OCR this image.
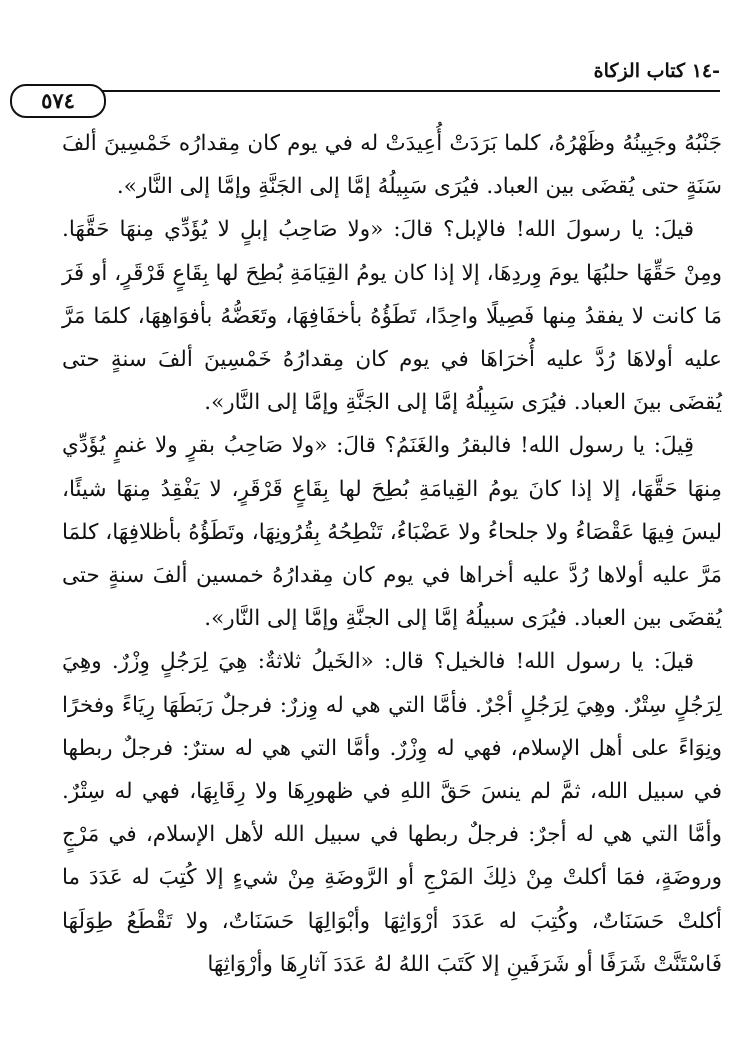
-١٤ كتاب الزكاة
٥٧٤

جَنْبُهُ وجَبِينُهُ وظَهْرُهُ، كلما بَرَدَتْ أُعِيدَتْ له في يوم كان مِقدارُه خَمْسِينَ ألفَ سَنَةٍ حتى يُقضَى بين العباد. فيُرَى سَبِيلُهُ إمَّا إلى الجَنَّةِ وإمَّا إلى النَّار».

قيلَ: يا رسولَ الله! فالإبل؟ قالَ: «ولا صَاحِبُ إبلٍ لا يُؤَدِّي مِنهَا حَقَّهَا. ومِنْ حَقِّهَا حلبُهَا يومَ وِردِهَا، إلا إذا كان يومُ القِيَامَةِ بُطِحَ لها بِقَاعٍ قَرْقَرٍ، أو فَرَ مَا كانت لا يفقدُ مِنها فَصِيلًا واحِدًا، تَطَؤُهُ بأخفَافِهَا، وتَعَضُّهُ بأفوَاهِهَا، كلمَا مَرَّ عليه أولاهَا رُدَّ عليه أُخرَاهَا في يوم كان مِقدارُهُ خَمْسِينَ ألفَ سنةٍ حتى يُقضَى بينَ العباد. فيُرَى سَبِيلُهُ إمَّا إلى الجَنَّةِ وإمَّا إلى النَّار».

قِيلَ: يا رسول الله! فالبقرُ والغَنَمُ؟ قالَ: «ولا صَاحِبُ بقرٍ ولا غنمٍ يُؤَدِّي مِنهَا حَقَّهَا، إلا إذا كانَ يومُ القِيامَةِ بُطِحَ لها بِقَاعٍ قَرْقَرٍ، لا يَفْقِدُ مِنهَا شيئًا، ليسَ فِيهَا عَقْصَاءُ ولا جلحاءُ ولا عَضْبَاءُ، تَنْطِحُهُ بِقُرُونِهَا، وتَطَؤُهُ بأظلافِهَا، كلمَا مَرَّ عليه أولاها رُدَّ عليه أخراها في يوم كان مِقدارُهُ خمسين ألفَ سنةٍ حتى يُقضَى بين العباد. فيُرَى سبيلُهُ إمَّا إلى الجنَّةِ وإمَّا إلى النَّار».

قيلَ: يا رسول الله! فالخيل؟ قال: «الخَيلُ ثلاثةٌ: هِيَ لِرَجُلٍ وِزْرٌ. وهِيَ لِرَجُلٍ سِتْرٌ. وهِيَ لِرَجُلٍ أجْرٌ. فأمَّا التي هي له وِزرٌ: فرجلٌ رَبَطَهَا رِيَاءً وفخرًا ونِوَاءً على أهل الإسلام، فهي له وِزْرٌ. وأمَّا التي هي له سترٌ: فرجلٌ ربطها في سبيل الله، ثمَّ لم ينسَ حَقَّ اللهِ في ظهورِهَا ولا رِقَابِهَا، فهي له سِتْرٌ. وأمَّا التي هي له أجرٌ: فرجلٌ ربطها في سبيل الله لأهل الإسلام، في مَرْجٍ وروضَةٍ، فمَا أكلتْ مِنْ ذلِكَ المَرْجِ أو الرَّوضَةِ مِنْ شيءٍ إلا كُتِبَ له عَدَدَ ما أكلتْ حَسَنَاتٌ، وكُتِبَ له عَدَدَ أرْوَاثِهَا وأبْوَالِهَا حَسَنَاتٌ، ولا تَقْطَعُ طِوَلَهَا فَاسْتَنَّتْ شَرَفًا أو شَرَفَينِ إلا كَتَبَ اللهُ لهُ عَدَدَ آثارِهَا وأرْوَاثِهَا
